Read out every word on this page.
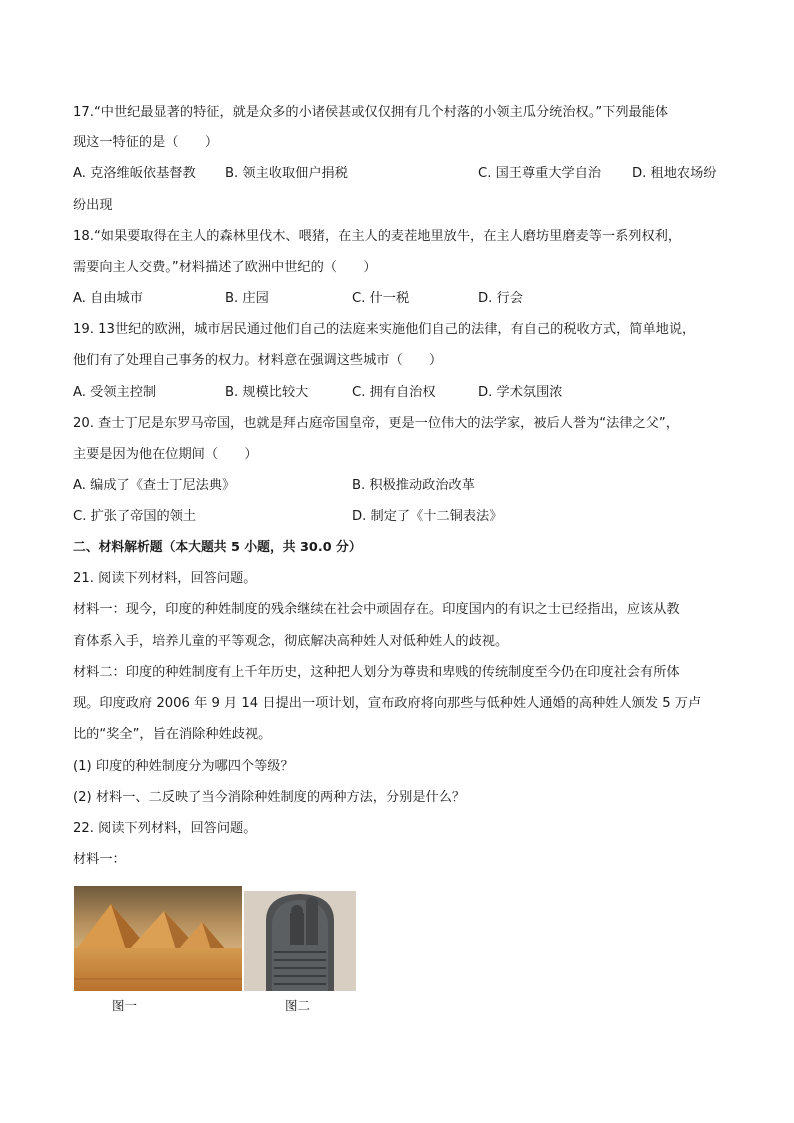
17.“中世纪最显著的特征，就是众多的小诸侯甚或仅仅拥有几个村落的小领主瓜分统治权。”下列最能体
现这一特征的是（　　）
A. 克洛维皈依基督教 B. 领主收取佃户捐税	C. 国王尊重大学自治 D. 租地农场纷
纷出现
18.“如果要取得在主人的森林里伐木、喂猪，在主人的麦茬地里放牛，在主人磨坊里磨麦等一系列权利，
需要向主人交费。”材料描述了欧洲中世纪的（　　）
A. 自由城市	B. 庄园	C. 什一税	D. 行会
19. 13世纪的欧洲，城市居民通过他们自己的法庭来实施他们自己的法律，有自己的税收方式，简单地说，
他们有了处理自己事务的权力。材料意在强调这些城市（　　）
A. 受领主控制	B. 规模比较大	C. 拥有自治权	D. 学术氛围浓
20. 查士丁尼是东罗马帝国，也就是拜占庭帝国皇帝，更是一位伟大的法学家，被后人誉为“法律之父”，
主要是因为他在位期间（　　）
A. 编成了《查士丁尼法典》	B. 积极推动政治改革
C. 扩张了帝国的领土	D. 制定了《十二铜表法》
二、材料解析题（本大题共 5 小题，共 30.0 分）
21. 阅读下列材料，回答问题。
材料一：现今，印度的种姓制度的残余继续在社会中顽固存在。印度国内的有识之士已经指出，应该从教
育体系入手，培养儿童的平等观念，彻底解决高种姓人对低种姓人的歧视。
材料二：印度的种姓制度有上千年历史，这种把人划分为尊贵和卑贱的传统制度至今仍在印度社会有所体
现。印度政府 2006 年 9 月 14 日提出一项计划，宣布政府将向那些与低种姓人通婚的高种姓人颁发 5 万卢
比的“奖全”，旨在消除种姓歧视。
(1) 印度的种姓制度分为哪四个等级？
(2) 材料一、二反映了当今消除种姓制度的两种方法，分别是什么？
22. 阅读下列材料，回答问题。
材料一：
图一	图二
